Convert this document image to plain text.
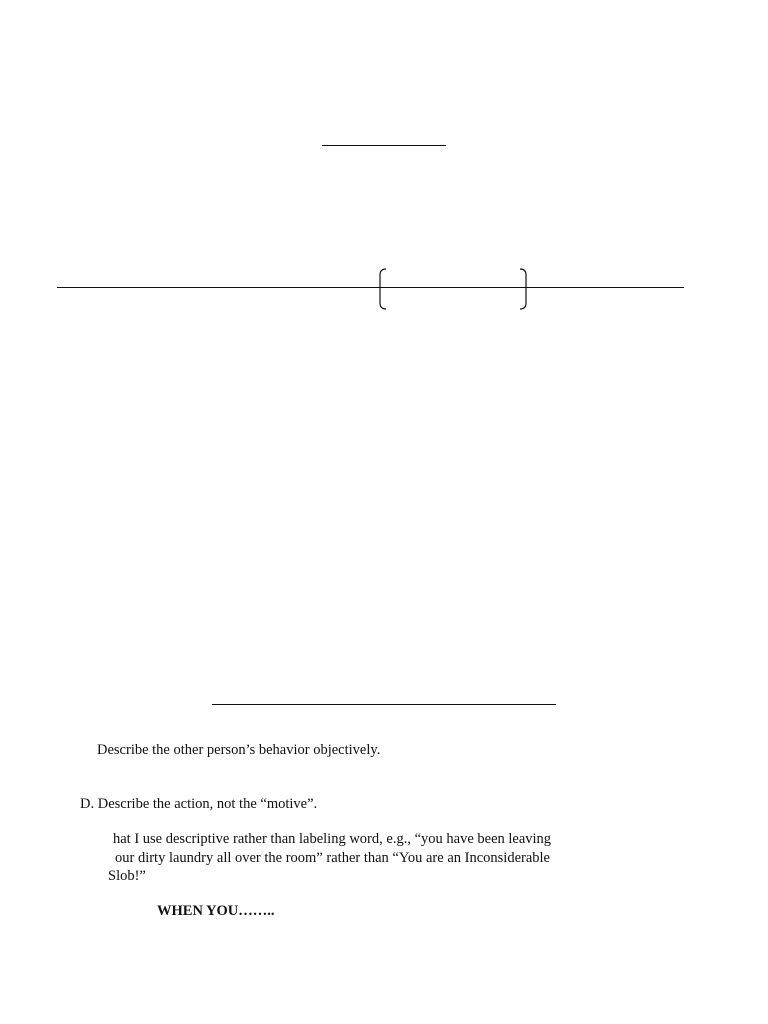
Describe the other person’s behavior objectively.
D. Describe the action, not the “motive”.
hat I use descriptive rather than labeling word, e.g., “you have been leaving
our dirty laundry all over the room” rather than “You are an Inconsiderable
Slob!”
WHEN YOU……..
